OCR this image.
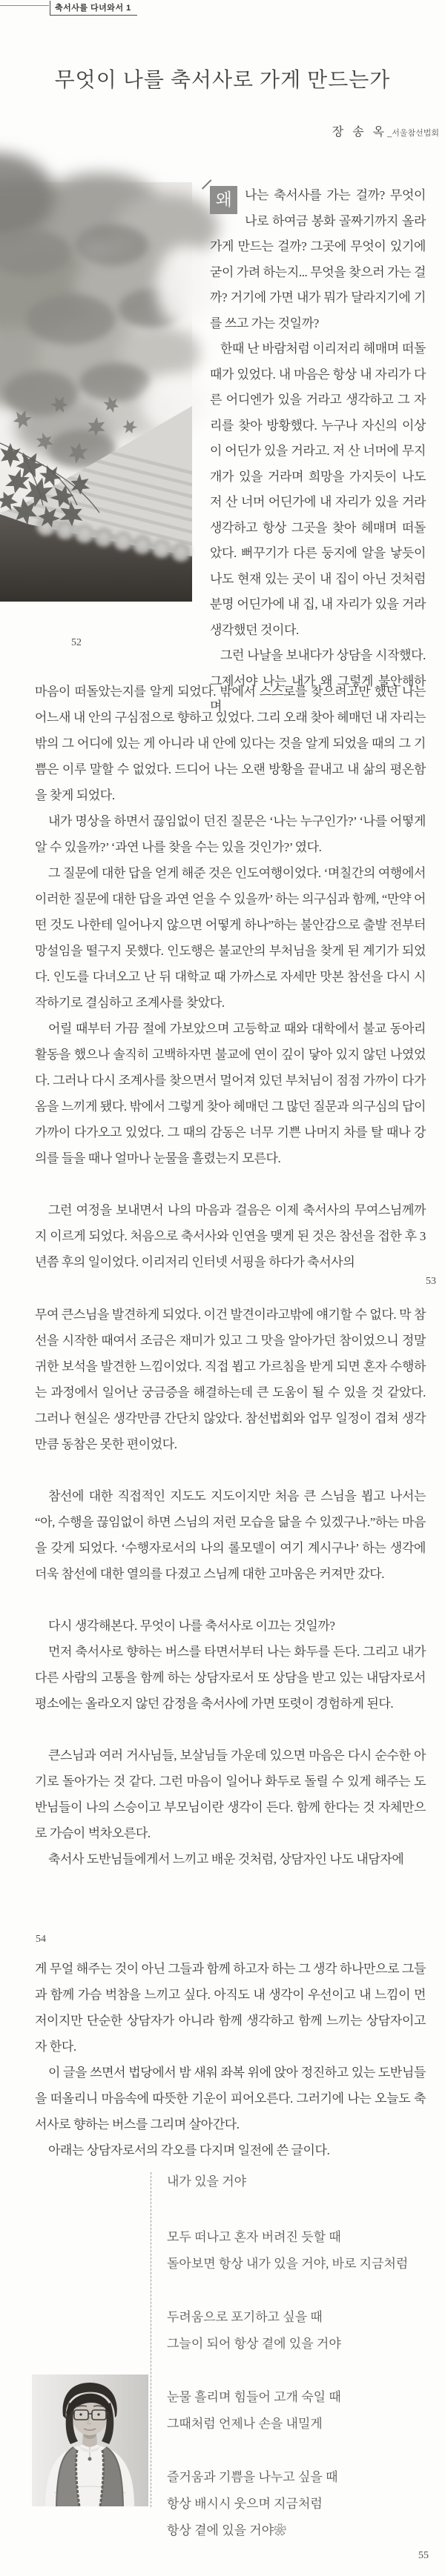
축서사를 다녀와서 1
무엇이 나를 축서사로 가게 만드는가
장 송 옥_서울참선법회

왜	나는 축서사를 가는 걸까? 무엇이 나로 하여금 봉화 골짜기까지 올라가게 만드는 걸까? 그곳에 무엇이 있기에 굳이 가려 하는지... 무엇을 찾으러 가는 걸까? 거기에 가면 내가 뭐가 달라지기에 기를 쓰고 가는 것일까?

한때 난 바람처럼 이리저리 헤매며 떠돌 때가 있었다. 내 마음은 항상 내 자리가 다른 어디엔가 있을 거라고 생각하고 그 자리를 찾아 방황했다. 누구나 자신의 이상이 어딘가 있을 거라고. 저 산 너머에 무지개가 있을 거라며 희망을 가지듯이 나도 저 산 너머 어딘가에 내 자리가 있을 거라 생각하고 항상 그곳을 찾아 헤매며 떠돌았다. 뻐꾸기가 다른 둥지에 알을 낳듯이 나도 현재 있는 곳이 내 집이 아닌 것처럼 분명 어딘가에 내 집, 내 자리가 있을 거라 생각했던 것이다.

그런 나날을 보내다가 상담을 시작했다. 그제서야 나는 내가 왜 그렇게 불안해하며

52

마음이 떠돌았는지를 알게 되었다. 밖에서 스스로를 찾으려고만 했던 나는 어느새 내 안의 구심점으로 향하고 있었다. 그리 오래 찾아 헤매던 내 자리는 밖의 그 어디에 있는 게 아니라 내 안에 있다는 것을 알게 되었을 때의 그 기쁨은 이루 말할 수 없었다. 드디어 나는 오랜 방황을 끝내고 내 삶의 평온함을 찾게 되었다.

내가 명상을 하면서 끊임없이 던진 질문은 ‘나는 누구인가?’ ‘나를 어떻게 알 수 있을까?’ ‘과연 나를 찾을 수는 있을 것인가?’ 였다.

그 질문에 대한 답을 얻게 해준 것은 인도여행이었다. ‘며칠간의 여행에서 이러한 질문에 대한 답을 과연 얻을 수 있을까’ 하는 의구심과 함께, “만약 어떤 것도 나한테 일어나지 않으면 어떻게 하나”하는 불안감으로 출발 전부터 망설임을 떨구지 못했다. 인도행은 불교안의 부처님을 찾게 된 계기가 되었다. 인도를 다녀오고 난 뒤 대학교 때 가까스로 자세만 맛본 참선을 다시 시작하기로 결심하고 조계사를 찾았다.

어릴 때부터 가끔 절에 가보았으며 고등학교 때와 대학에서 불교 동아리 활동을 했으나 솔직히 고백하자면 불교에 연이 깊이 닿아 있지 않던 나였었다. 그러나 다시 조계사를 찾으면서 멀어져 있던 부처님이 점점 가까이 다가옴을 느끼게 됐다. 밖에서 그렇게 찾아 헤매던 그 많던 질문과 의구심의 답이 가까이 다가오고 있었다. 그 때의 감동은 너무 기쁜 나머지 차를 탈 때나 강의를 들을 때나 얼마나 눈물을 흘렸는지 모른다.

그런 여정을 보내면서 나의 마음과 걸음은 이제 축서사의 무여스님께까지 이르게 되었다. 처음으로 축서사와 인연을 맺게 된 것은 참선을 접한 후 3년쯤 후의 일이었다. 이리저리 인터넷 서핑을 하다가 축서사의

53

무여 큰스님을 발견하게 되었다. 이건 발견이라고밖에 얘기할 수 없다. 막 참선을 시작한 때여서 조금은 재미가 있고 그 맛을 알아가던 참이었으니 정말 귀한 보석을 발견한 느낌이었다. 직접 뵙고 가르침을 받게 되면 혼자 수행하는 과정에서 일어난 궁금증을 해결하는데 큰 도움이 될 수 있을 것 같았다. 그러나 현실은 생각만큼 간단치 않았다. 참선법회와 업무 일정이 겹쳐 생각만큼 동참은 못한 편이었다.

참선에 대한 직접적인 지도도 지도이지만 처음 큰 스님을 뵙고 나서는 “아, 수행을 끊임없이 하면 스님의 저런 모습을 닮을 수 있겠구나.”하는 마음을 갖게 되었다. ‘수행자로서의 나의 롤모델이 여기 계시구나’ 하는 생각에 더욱 참선에 대한 열의를 다졌고 스님께 대한 고마움은 커져만 갔다.

다시 생각해본다. 무엇이 나를 축서사로 이끄는 것일까?

먼저 축서사로 향하는 버스를 타면서부터 나는 화두를 든다. 그리고 내가 다른 사람의 고통을 함께 하는 상담자로서 또 상담을 받고 있는 내담자로서 평소에는 올라오지 않던 감정을 축서사에 가면 또렷이 경험하게 된다.

큰스님과 여러 거사님들, 보살님들 가운데 있으면 마음은 다시 순수한 아기로 돌아가는 것 같다. 그런 마음이 일어나 화두로 돌릴 수 있게 해주는 도반님들이 나의 스승이고 부모님이란 생각이 든다. 함께 한다는 것 자체만으로 가슴이 벅차오른다.

축서사 도반님들에게서 느끼고 배운 것처럼, 상담자인 나도 내담자에

54

게 무얼 해주는 것이 아닌 그들과 함께 하고자 하는 그 생각 하나만으로 그들과 함께 가슴 벅참을 느끼고 싶다. 아직도 내 생각이 우선이고 내 느낌이 먼저이지만 단순한 상담자가 아니라 함께 생각하고 함께 느끼는 상담자이고자 한다.

이 글을 쓰면서 법당에서 밤 새워 좌복 위에 앉아 정진하고 있는 도반님들을 떠올리니 마음속에 따뜻한 기운이 피어오른다. 그러기에 나는 오늘도 축서사로 향하는 버스를 그리며 살아간다.

아래는 상담자로서의 각오를 다지며 일전에 쓴 글이다.

내가 있을 거야
모두 떠나고 혼자 버려진 듯할 때
돌아보면 항상 내가 있을 거야, 바로 지금처럼
두려움으로 포기하고 싶을 때
그늘이 되어 항상 곁에 있을 거야
눈물 흘리며 힘들어 고개 숙일 때
그때처럼 언제나 손을 내밀게
즐거움과 기쁨을 나누고 싶을 때
항상 배시시 웃으며 지금처럼
항상 곁에 있을 거야❀
55
